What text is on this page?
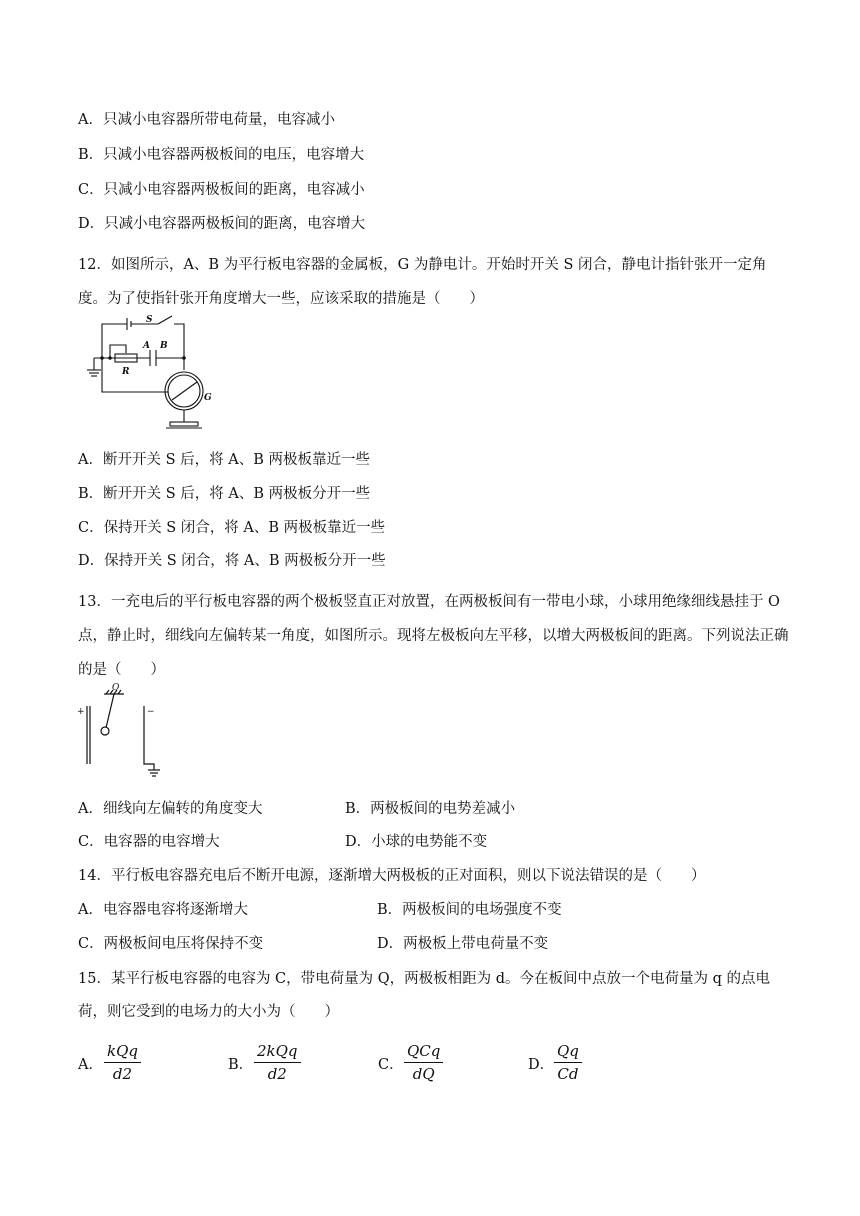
A．只减小电容器所带电荷量，电容减小
B．只减小电容器两极板间的电压，电容增大
C．只减小电容器两极板间的距离，电容减小
D．只减小电容器两极板间的距离，电容增大
12．如图所示，A、B 为平行板电容器的金属板，G 为静电计。开始时开关 S 闭合，静电计指针张开一定角度。为了使指针张开角度增大一些，应该采取的措施是（　　）
S
A B
R
G
A．断开开关 S 后，将 A、B 两极板靠近一些
B．断开开关 S 后，将 A、B 两极板分开一些
C．保持开关 S 闭合，将 A、B 两极板靠近一些
D．保持开关 S 闭合，将 A、B 两极板分开一些
13．一充电后的平行板电容器的两个极板竖直正对放置，在两极板间有一带电小球，小球用绝缘细线悬挂于 O 点，静止时，细线向左偏转某一角度，如图所示。现将左极板向左平移，以增大两极板间的距离。下列说法正确的是（　　）
O
+	−
A．细线向左偏转的角度变大	B．两极板间的电势差减小
C．电容器的电容增大	D．小球的电势能不变
14．平行板电容器充电后不断开电源，逐渐增大两极板的正对面积，则以下说法错误的是（　　）
A．电容器电容将逐渐增大	B．两极板间的电场强度不变
C．两极板间电压将保持不变	D．两极板上带电荷量不变
15．某平行板电容器的电容为 C，带电荷量为 Q，两极板相距为 d。今在板间中点放一个电荷量为 q 的点电
荷，则它受到的电场力的大小为（　　）
A．
kQq
d2	B．
2kQq
d2	C．
QCq
dQ	D．
Qq
Cd
